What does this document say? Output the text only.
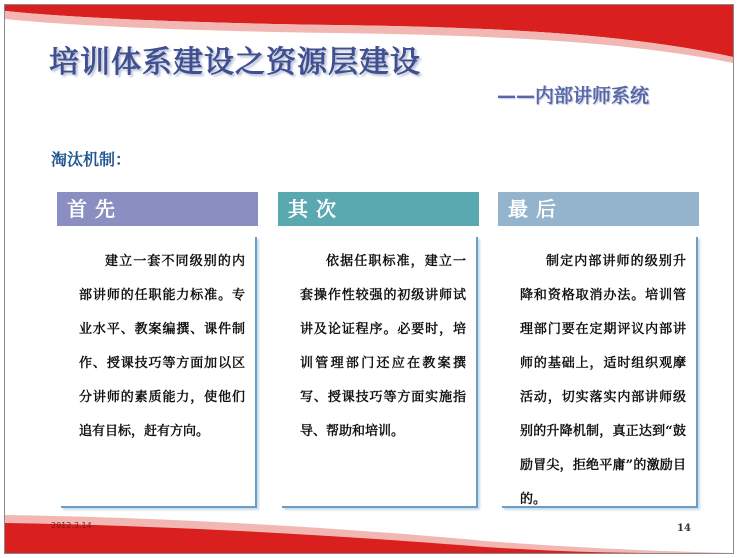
培训体系建设之资源层建设
——内部讲师系统
淘汰机制：
首先
建立一套不同级别的内部讲师的任职能力标准。专业水平、教案编撰、课件制作、授课技巧等方面加以区分讲师的素质能力，使他们追有目标，赶有方向。
其次
依据任职标准，建立一套操作性较强的初级讲师试讲及论证程序。必要时，培训管理部门还应在教案撰写、授课技巧等方面实施指导、帮助和培训。
最后
制定内部讲师的级别升降和资格取消办法。培训管理部门要在定期评议内部讲师的基础上，适时组织观摩活动，切实落实内部讲师级别的升降机制，真正达到“鼓励冒尖，拒绝平庸”的激励目的。
2012.3.14	14
